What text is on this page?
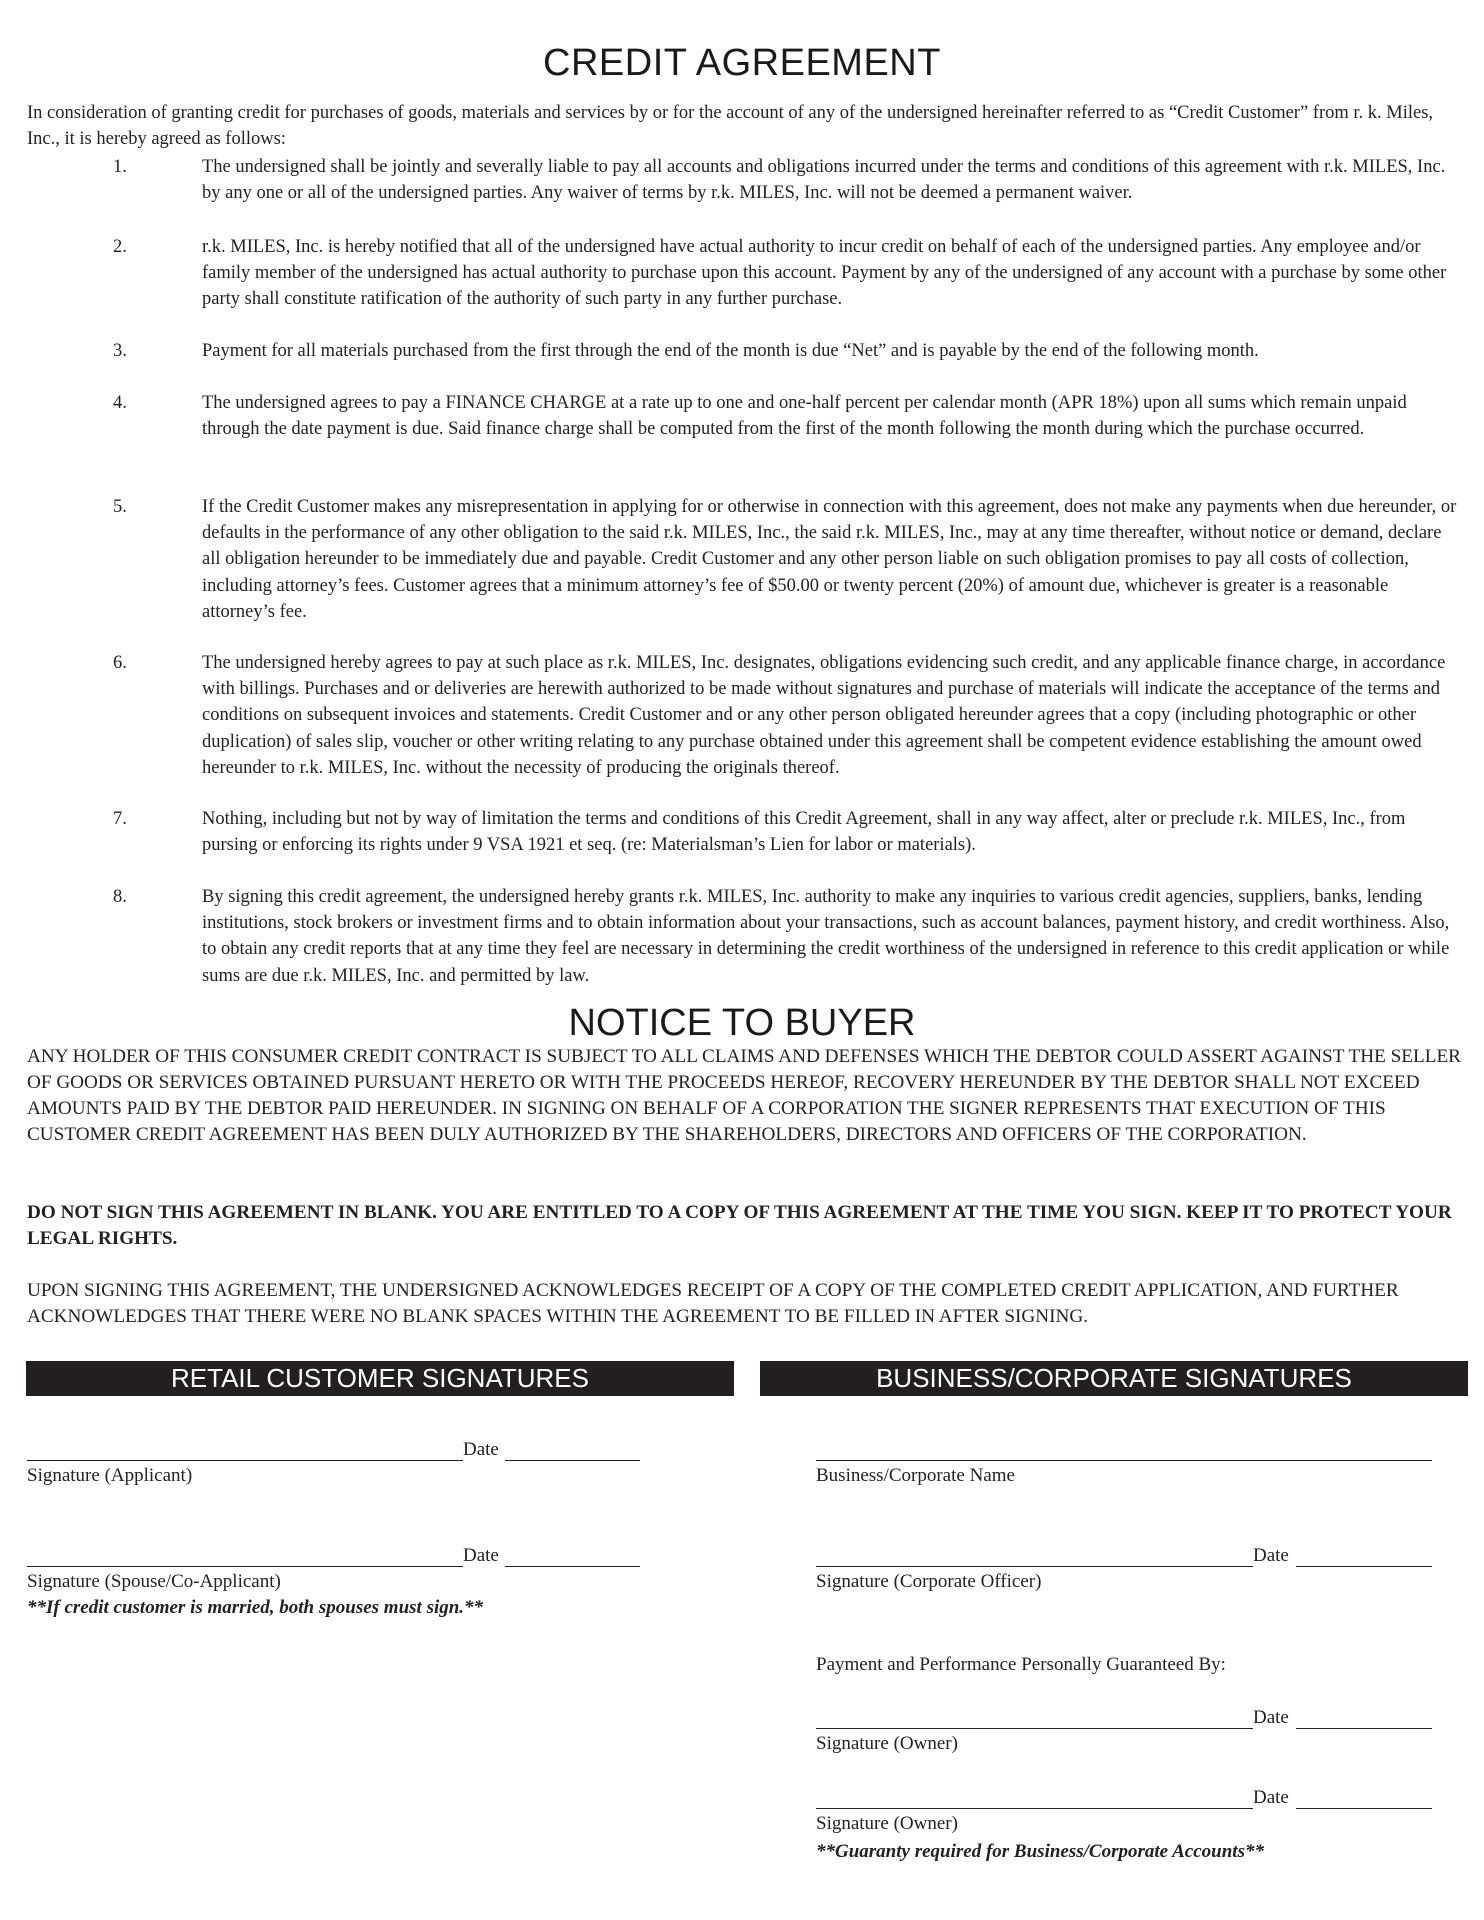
CREDIT AGREEMENT
In consideration of granting credit for purchases of goods, materials and services by or for the account of any of the undersigned hereinafter referred to as “Credit Customer” from r. k. Miles, Inc., it is hereby agreed as follows:
1.	The undersigned shall be jointly and severally liable to pay all accounts and obligations incurred under the terms and conditions of this agreement with r.k. MILES, Inc. by any one or all of the undersigned parties. Any waiver of terms by r.k. MILES, Inc. will not be deemed a permanent waiver.
2.	r.k. MILES, Inc. is hereby notified that all of the undersigned have actual authority to incur credit on behalf of each of the undersigned parties. Any employee and/or family member of the undersigned has actual authority to purchase upon this account. Payment by any of the undersigned of any account with a purchase by some other party shall constitute ratification of the authority of such party in any further purchase.
3.	Payment for all materials purchased from the first through the end of the month is due “Net” and is payable by the end of the following month.
4.	The undersigned agrees to pay a FINANCE CHARGE at a rate up to one and one-half percent per calendar month (APR 18%) upon all sums which remain unpaid through the date payment is due. Said finance charge shall be computed from the first of the month following the month during which the purchase occurred.
5.	If the Credit Customer makes any misrepresentation in applying for or otherwise in connection with this agreement, does not make any payments when due hereunder, or defaults in the performance of any other obligation to the said r.k. MILES, Inc., the said r.k. MILES, Inc., may at any time thereafter, without notice or demand, declare all obligation hereunder to be immediately due and payable. Credit Customer and any other person liable on such obligation promises to pay all costs of collection, including attorney’s fees. Customer agrees that a minimum attorney’s fee of $50.00 or twenty percent (20%) of amount due, whichever is greater is a reasonable attorney’s fee.
6.	The undersigned hereby agrees to pay at such place as r.k. MILES, Inc. designates, obligations evidencing such credit, and any applicable finance charge, in accordance with billings. Purchases and or deliveries are herewith authorized to be made without signatures and purchase of materials will indicate the acceptance of the terms and conditions on subsequent invoices and statements. Credit Customer and or any other person obligated hereunder agrees that a copy (including photographic or other duplication) of sales slip, voucher or other writing relating to any purchase obtained under this agreement shall be competent evidence establishing the amount owed hereunder to r.k. MILES, Inc. without the necessity of producing the originals thereof.
7.	Nothing, including but not by way of limitation the terms and conditions of this Credit Agreement, shall in any way affect, alter or preclude r.k. MILES, Inc., from pursing or enforcing its rights under 9 VSA 1921 et seq. (re: Materialsman’s Lien for labor or materials).
8.	By signing this credit agreement, the undersigned hereby grants r.k. MILES, Inc. authority to make any inquiries to various credit agencies, suppliers, banks, lending institutions, stock brokers or investment firms and to obtain information about your transactions, such as account balances, payment history, and credit worthiness. Also, to obtain any credit reports that at any time they feel are necessary in determining the credit worthiness of the undersigned in reference to this credit application or while sums are due r.k. MILES, Inc. and permitted by law.
NOTICE TO BUYER
ANY HOLDER OF THIS CONSUMER CREDIT CONTRACT IS SUBJECT TO ALL CLAIMS AND DEFENSES WHICH THE DEBTOR COULD ASSERT AGAINST THE SELLER OF GOODS OR SERVICES OBTAINED PURSUANT HERETO OR WITH THE PROCEEDS HEREOF, RECOVERY HEREUNDER BY THE DEBTOR SHALL NOT EXCEED AMOUNTS PAID BY THE DEBTOR PAID HEREUNDER. IN SIGNING ON BEHALF OF A CORPORATION THE SIGNER REPRESENTS THAT EXECUTION OF THIS CUSTOMER CREDIT AGREEMENT HAS BEEN DULY AUTHORIZED BY THE SHAREHOLDERS, DIRECTORS AND OFFICERS OF THE CORPORATION.
DO NOT SIGN THIS AGREEMENT IN BLANK. YOU ARE ENTITLED TO A COPY OF THIS AGREEMENT AT THE TIME YOU SIGN. KEEP IT TO PROTECT YOUR LEGAL RIGHTS.
UPON SIGNING THIS AGREEMENT, THE UNDERSIGNED ACKNOWLEDGES RECEIPT OF A COPY OF THE COMPLETED CREDIT APPLICATION, AND FURTHER ACKNOWLEDGES THAT THERE WERE NO BLANK SPACES WITHIN THE AGREEMENT TO BE FILLED IN AFTER SIGNING.
RETAIL CUSTOMER SIGNATURES	BUSINESS/CORPORATE SIGNATURES
Date
Signature (Applicant)
Date
Signature (Spouse/Co-Applicant)
**If credit customer is married, both spouses must sign.**
Business/Corporate Name
Date
Signature (Corporate Officer)
Payment and Performance Personally Guaranteed By:
Date
Signature (Owner)
Date
Signature (Owner)
**Guaranty required for Business/Corporate Accounts**
